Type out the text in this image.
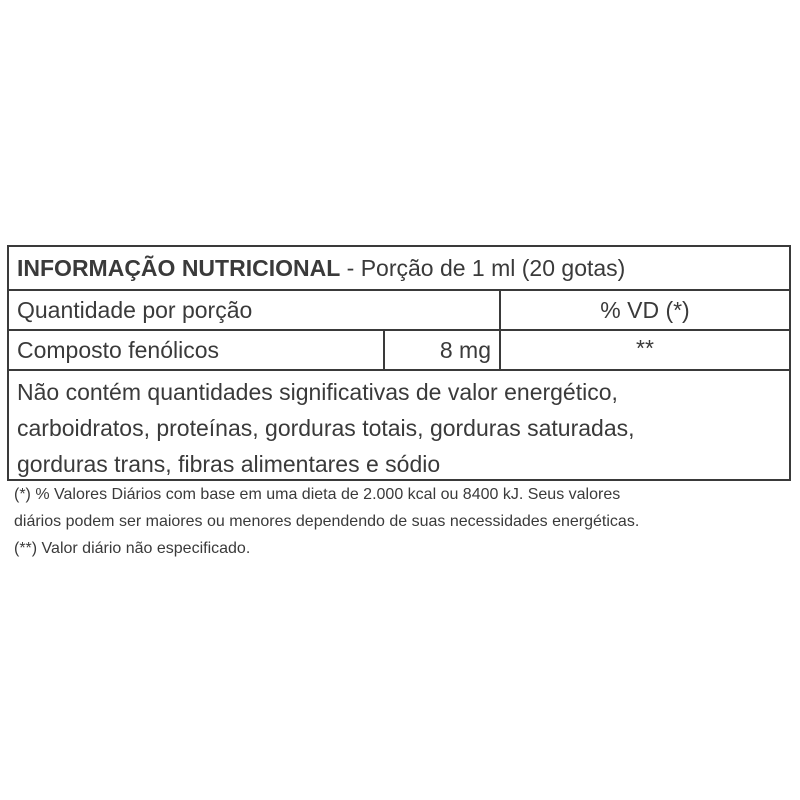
INFORMAÇÃO NUTRICIONAL - Porção de 1 ml (20 gotas)
Quantidade por porção	% VD (*)
Composto fenólicos	8 mg	**
Não contém quantidades significativas de valor energético,
carboidratos, proteínas, gorduras totais, gorduras saturadas,
gorduras trans, fibras alimentares e sódio
(*) % Valores Diários com base em uma dieta de 2.000 kcal ou 8400 kJ. Seus valores
diários podem ser maiores ou menores dependendo de suas necessidades energéticas.
(**) Valor diário não especificado.
